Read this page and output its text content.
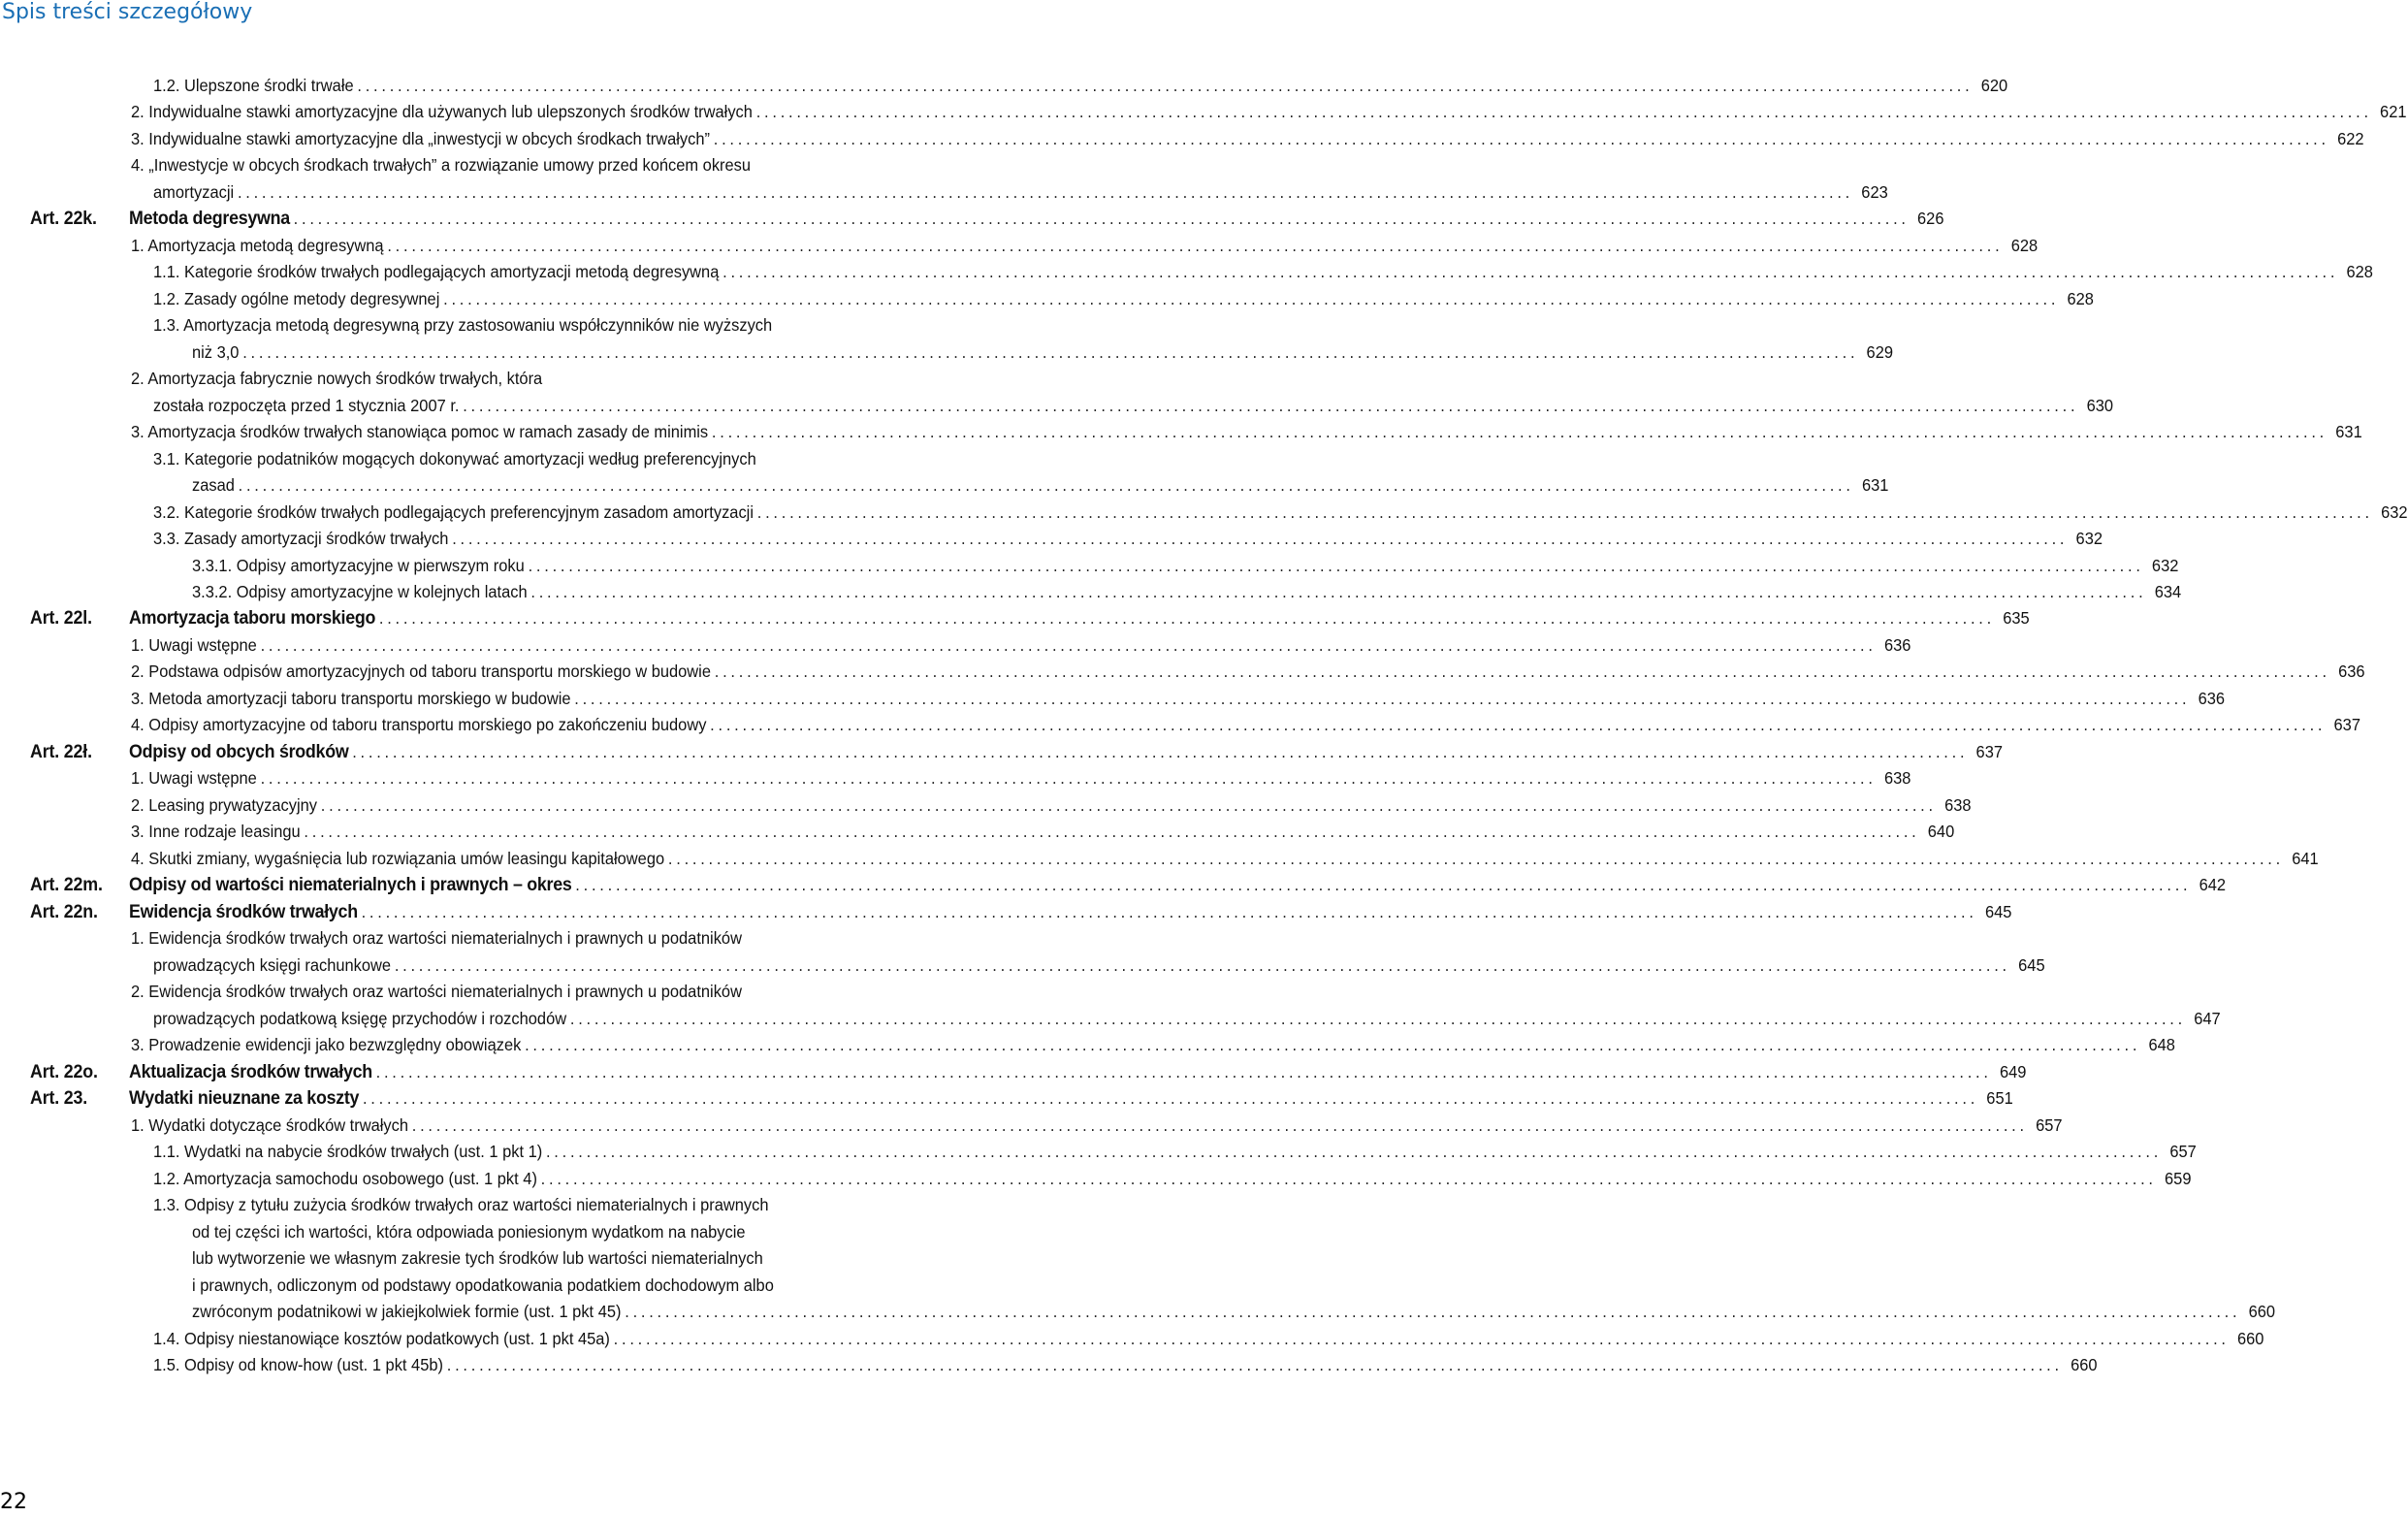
Spis treści szczegółowy
1.2. Ulepszone środki trwałe ........................................................................................................................................................................................................ 620
2. Indywidualne stawki amortyzacyjne dla używanych lub ulepszonych środków trwałych ........................................................................................................................................................................................................ 621
3. Indywidualne stawki amortyzacyjne dla „inwestycji w obcych środkach trwałych” ........................................................................................................................................................................................................ 622
4. „Inwestycje w obcych środkach trwałych” a rozwiązanie umowy przed końcem okresu
amortyzacji ........................................................................................................................................................................................................ 623
Art. 22k. Metoda degresywna ........................................................................................................................................................................................................ 626
1. Amortyzacja metodą degresywną ........................................................................................................................................................................................................ 628
1.1. Kategorie środków trwałych podlegających amortyzacji metodą degresywną ........................................................................................................................................................................................................ 628
1.2. Zasady ogólne metody degresywnej ........................................................................................................................................................................................................ 628
1.3. Amortyzacja metodą degresywną przy zastosowaniu współczynników nie wyższych
niż 3,0 ........................................................................................................................................................................................................ 629
2. Amortyzacja fabrycznie nowych środków trwałych, która
została rozpoczęta przed 1 stycznia 2007 r. ........................................................................................................................................................................................................ 630
3. Amortyzacja środków trwałych stanowiąca pomoc w ramach zasady de minimis ........................................................................................................................................................................................................ 631
3.1. Kategorie podatników mogących dokonywać amortyzacji według preferencyjnych
zasad ........................................................................................................................................................................................................ 631
3.2. Kategorie środków trwałych podlegających preferencyjnym zasadom amortyzacji ........................................................................................................................................................................................................ 632
3.3. Zasady amortyzacji środków trwałych ........................................................................................................................................................................................................ 632
3.3.1. Odpisy amortyzacyjne w pierwszym roku ........................................................................................................................................................................................................ 632
3.3.2. Odpisy amortyzacyjne w kolejnych latach ........................................................................................................................................................................................................ 634
Art. 22l. Amortyzacja taboru morskiego ........................................................................................................................................................................................................ 635
1. Uwagi wstępne ........................................................................................................................................................................................................ 636
2. Podstawa odpisów amortyzacyjnych od taboru transportu morskiego w budowie ........................................................................................................................................................................................................ 636
3. Metoda amortyzacji taboru transportu morskiego w budowie ........................................................................................................................................................................................................ 636
4. Odpisy amortyzacyjne od taboru transportu morskiego po zakończeniu budowy ........................................................................................................................................................................................................ 637
Art. 22ł. Odpisy od obcych środków ........................................................................................................................................................................................................ 637
1. Uwagi wstępne ........................................................................................................................................................................................................ 638
2. Leasing prywatyzacyjny ........................................................................................................................................................................................................ 638
3. Inne rodzaje leasingu ........................................................................................................................................................................................................ 640
4. Skutki zmiany, wygaśnięcia lub rozwiązania umów leasingu kapitałowego ........................................................................................................................................................................................................ 641
Art. 22m. Odpisy od wartości niematerialnych i prawnych – okres ........................................................................................................................................................................................................ 642
Art. 22n. Ewidencja środków trwałych ........................................................................................................................................................................................................ 645
1. Ewidencja środków trwałych oraz wartości niematerialnych i prawnych u podatników
prowadzących księgi rachunkowe ........................................................................................................................................................................................................ 645
2. Ewidencja środków trwałych oraz wartości niematerialnych i prawnych u podatników
prowadzących podatkową księgę przychodów i rozchodów ........................................................................................................................................................................................................ 647
3. Prowadzenie ewidencji jako bezwzględny obowiązek ........................................................................................................................................................................................................ 648
Art. 22o. Aktualizacja środków trwałych ........................................................................................................................................................................................................ 649
Art. 23. Wydatki nieuznane za koszty ........................................................................................................................................................................................................ 651
1. Wydatki dotyczące środków trwałych ........................................................................................................................................................................................................ 657
1.1. Wydatki na nabycie środków trwałych (ust. 1 pkt 1) ........................................................................................................................................................................................................ 657
1.2. Amortyzacja samochodu osobowego (ust. 1 pkt 4) ........................................................................................................................................................................................................ 659
1.3. Odpisy z tytułu zużycia środków trwałych oraz wartości niematerialnych i prawnych
od tej części ich wartości, która odpowiada poniesionym wydatkom na nabycie
lub wytworzenie we własnym zakresie tych środków lub wartości niematerialnych
i prawnych, odliczonym od podstawy opodatkowania podatkiem dochodowym albo
zwróconym podatnikowi w jakiejkolwiek formie (ust. 1 pkt 45) ........................................................................................................................................................................................................ 660
1.4. Odpisy niestanowiące kosztów podatkowych (ust. 1 pkt 45a) ........................................................................................................................................................................................................ 660
1.5. Odpisy od know-how (ust. 1 pkt 45b) ........................................................................................................................................................................................................ 660
22
